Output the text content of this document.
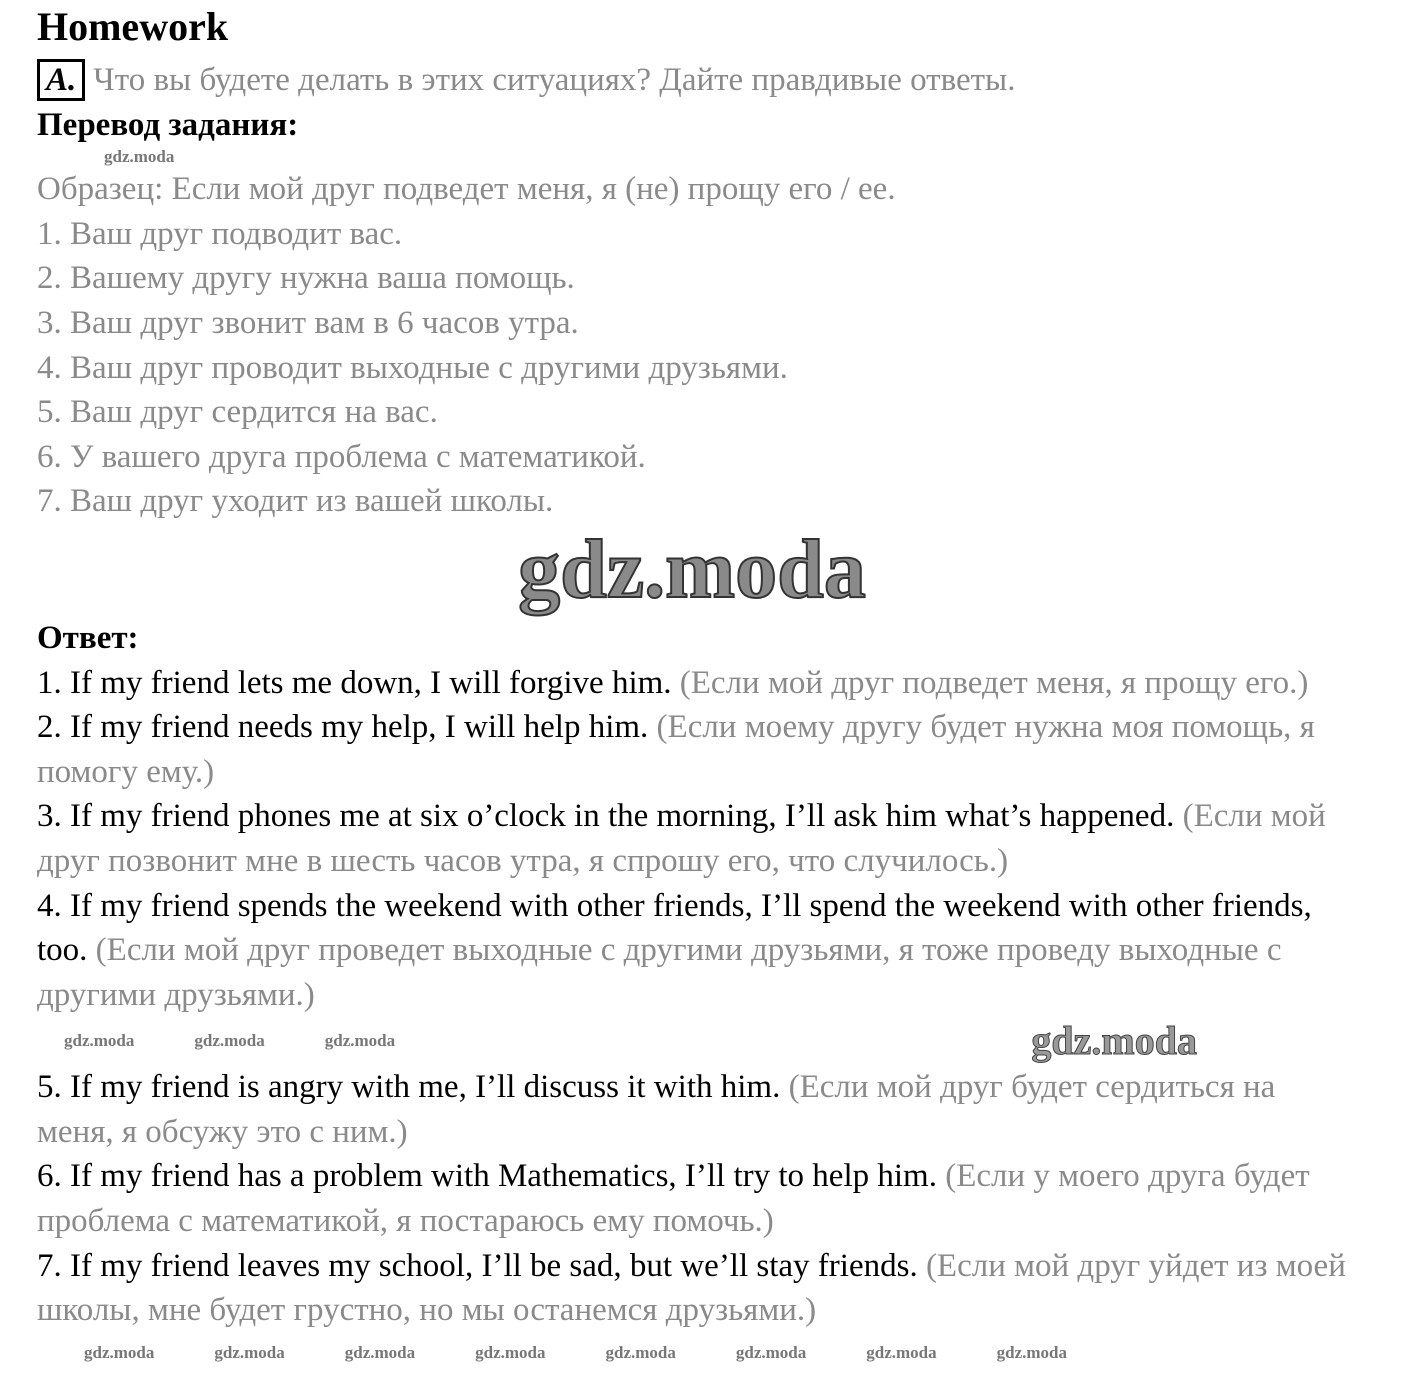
Homework
A. Что вы будете делать в этих ситуациях? Дайте правдивые ответы.

Перевод задания:

gdz.moda

Образец: Если мой друг подведет меня, я (не) прощу его / ее.

1. Ваш друг подводит вас.

2. Вашему другу нужна ваша помощь.

3. Ваш друг звонит вам в 6 часов утра.

4. Ваш друг проводит выходные с другими друзьями.

5. Ваш друг сердится на вас.

6. У вашего друга проблема с математикой.

7. Ваш друг уходит из вашей школы.

gdz.moda

Ответ:

1. If my friend lets me down, I will forgive him. (Если мой друг подведет меня, я прощу его.)

2. If my friend needs my help, I will help him. (Если моему другу будет нужна моя помощь, я помогу ему.)

3. If my friend phones me at six o’clock in the morning, I’ll ask him what’s happened. (Если мой друг позвонит мне в шесть часов утра, я спрошу его, что случилось.)

4. If my friend spends the weekend with other friends, I’ll spend the weekend with other friends, too. (Если мой друг проведет выходные с другими друзьями, я тоже проведу выходные с другими друзьями.)

gdz.moda	gdz.moda	gdz.moda	gdz.moda

5. If my friend is angry with me, I’ll discuss it with him. (Если мой друг будет сердиться на меня, я обсужу это с ним.)

6. If my friend has a problem with Mathematics, I’ll try to help him. (Если у моего друга будет проблема с математикой, я постараюсь ему помочь.)

7. If my friend leaves my school, I’ll be sad, but we’ll stay friends. (Если мой друг уйдет из моей школы, мне будет грустно, но мы останемся друзьями.)

gdz.moda	gdz.moda	gdz.moda	gdz.moda	gdz.moda	gdz.moda	gdz.moda	gdz.moda
